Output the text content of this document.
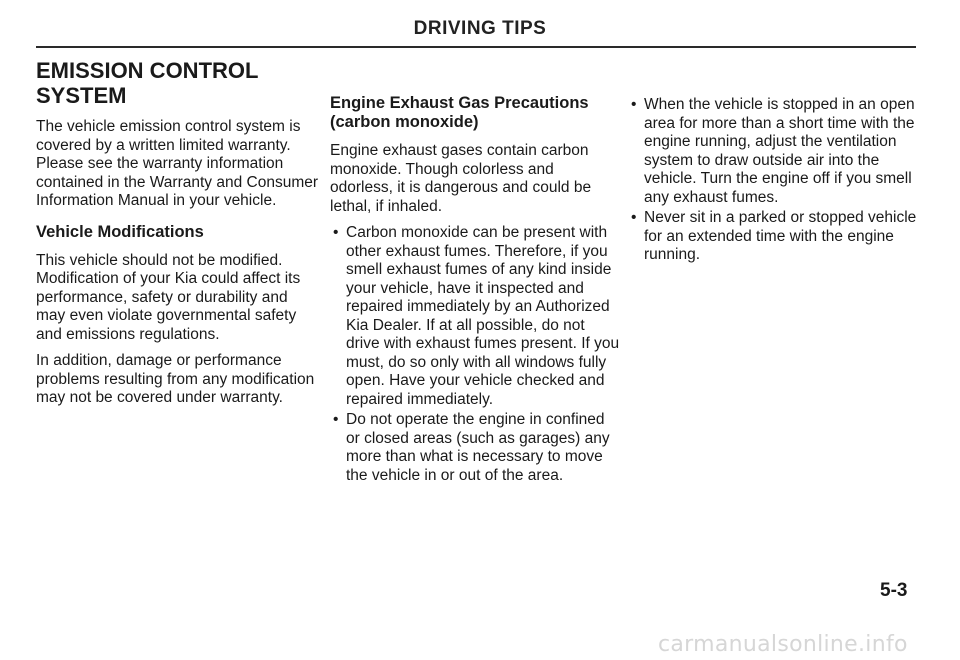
DRIVING TIPS
EMISSION CONTROL
SYSTEM

The vehicle emission control system is covered by a written limited warranty. Please see the warranty information contained in the Warranty and Consumer Information Manual in your vehicle.

Vehicle Modifications

This vehicle should not be modified. Modification of your Kia could affect its performance, safety or durability and may even violate governmental safety and emissions regulations.

In addition, damage or performance problems resulting from any modification may not be covered under warranty.

Engine Exhaust Gas Precautions (carbon monoxide)

Engine exhaust gases contain carbon monoxide. Though colorless and odorless, it is dangerous and could be lethal, if inhaled.

• Carbon monoxide can be present with other exhaust fumes. Therefore, if you smell exhaust fumes of any kind inside your vehicle, have it inspected and repaired immediately by an Authorized Kia Dealer. If at all possible, do not drive with exhaust fumes present. If you must, do so only with all windows fully open. Have your vehicle checked and repaired immediately.
• Do not operate the engine in confined or closed areas (such as garages) any more than what is necessary to move the vehicle in or out of the area.
• When the vehicle is stopped in an open area for more than a short time with the engine running, adjust the ventilation system to draw outside air into the vehicle. Turn the engine off if you smell any exhaust fumes.
• Never sit in a parked or stopped vehicle for an extended time with the engine running.
5-3
carmanualsonline.info
